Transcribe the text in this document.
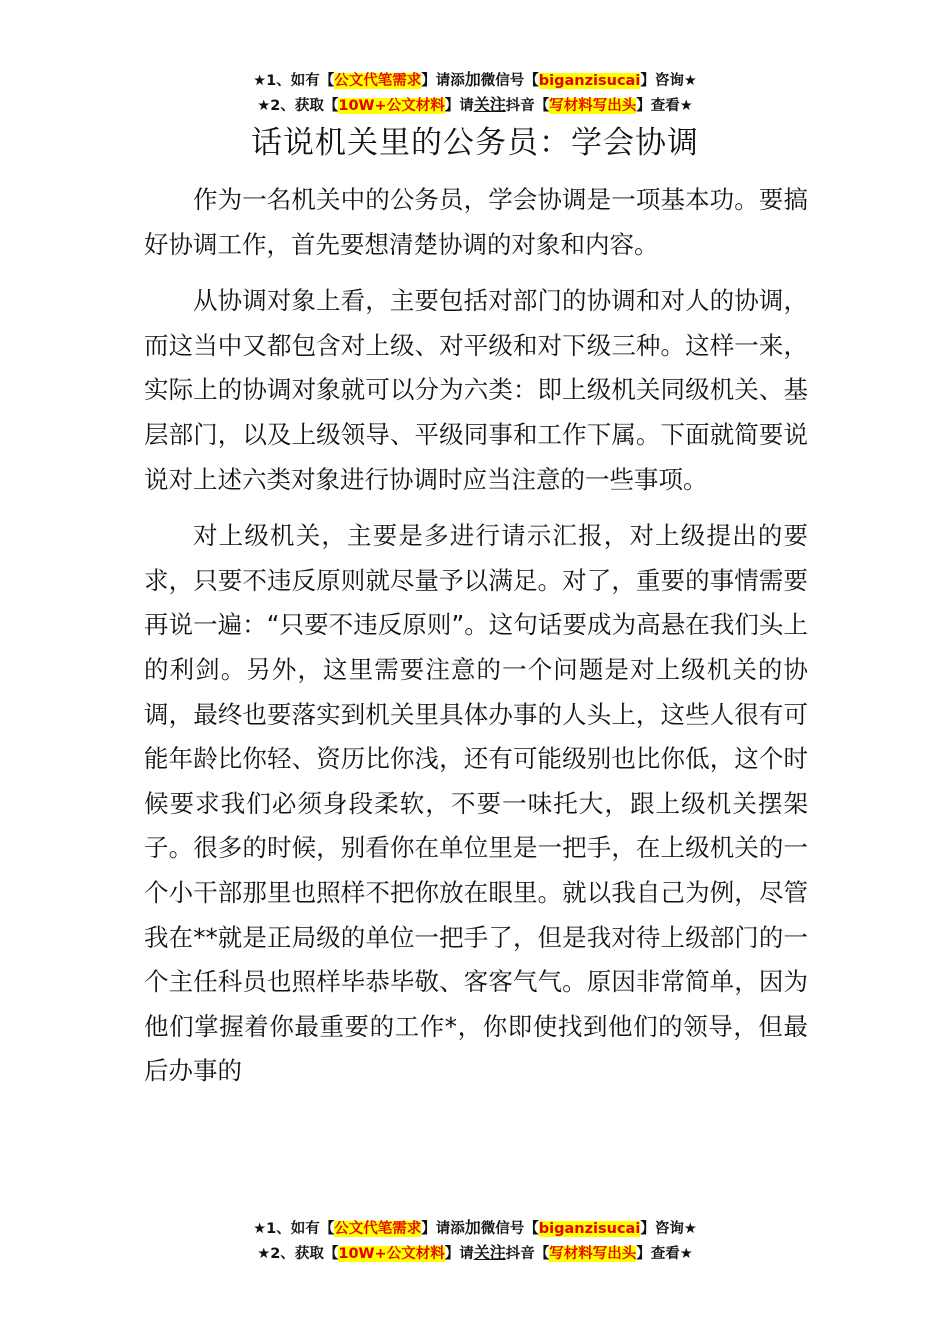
★1、如有【公文代笔需求】请添加微信号【biganzisucai】咨询★
★2、获取【10W+公文材料】请关注抖音【写材料写出头】查看★
话说机关里的公务员：学会协调

作为一名机关中的公务员，学会协调是一项基本功。要搞好协调工作，首先要想清楚协调的对象和内容。

从协调对象上看，主要包括对部门的协调和对人的协调，而这当中又都包含对上级、对平级和对下级三种。这样一来，实际上的协调对象就可以分为六类：即上级机关同级机关、基层部门，以及上级领导、平级同事和工作下属。下面就简要说说对上述六类对象进行协调时应当注意的一些事项。

对上级机关，主要是多进行请示汇报，对上级提出的要求，只要不违反原则就尽量予以满足。对了，重要的事情需要再说一遍：“只要不违反原则”。这句话要成为高悬在我们头上的利剑。另外，这里需要注意的一个问题是对上级机关的协调，最终也要落实到机关里具体办事的人头上，这些人很有可能年龄比你轻、资历比你浅，还有可能级别也比你低，这个时候要求我们必须身段柔软，不要一味托大，跟上级机关摆架子。很多的时候，别看你在单位里是一把手，在上级机关的一个小干部那里也照样不把你放在眼里。就以我自己为例，尽管我在**就是正局级的单位一把手了，但是我对待上级部门的一个主任科员也照样毕恭毕敬、客客气气。原因非常简单，因为他们掌握着你最重要的工作*，你即使找到他们的领导，但最后办事的

★1、如有【公文代笔需求】请添加微信号【biganzisucai】咨询★
★2、获取【10W+公文材料】请关注抖音【写材料写出头】查看★
